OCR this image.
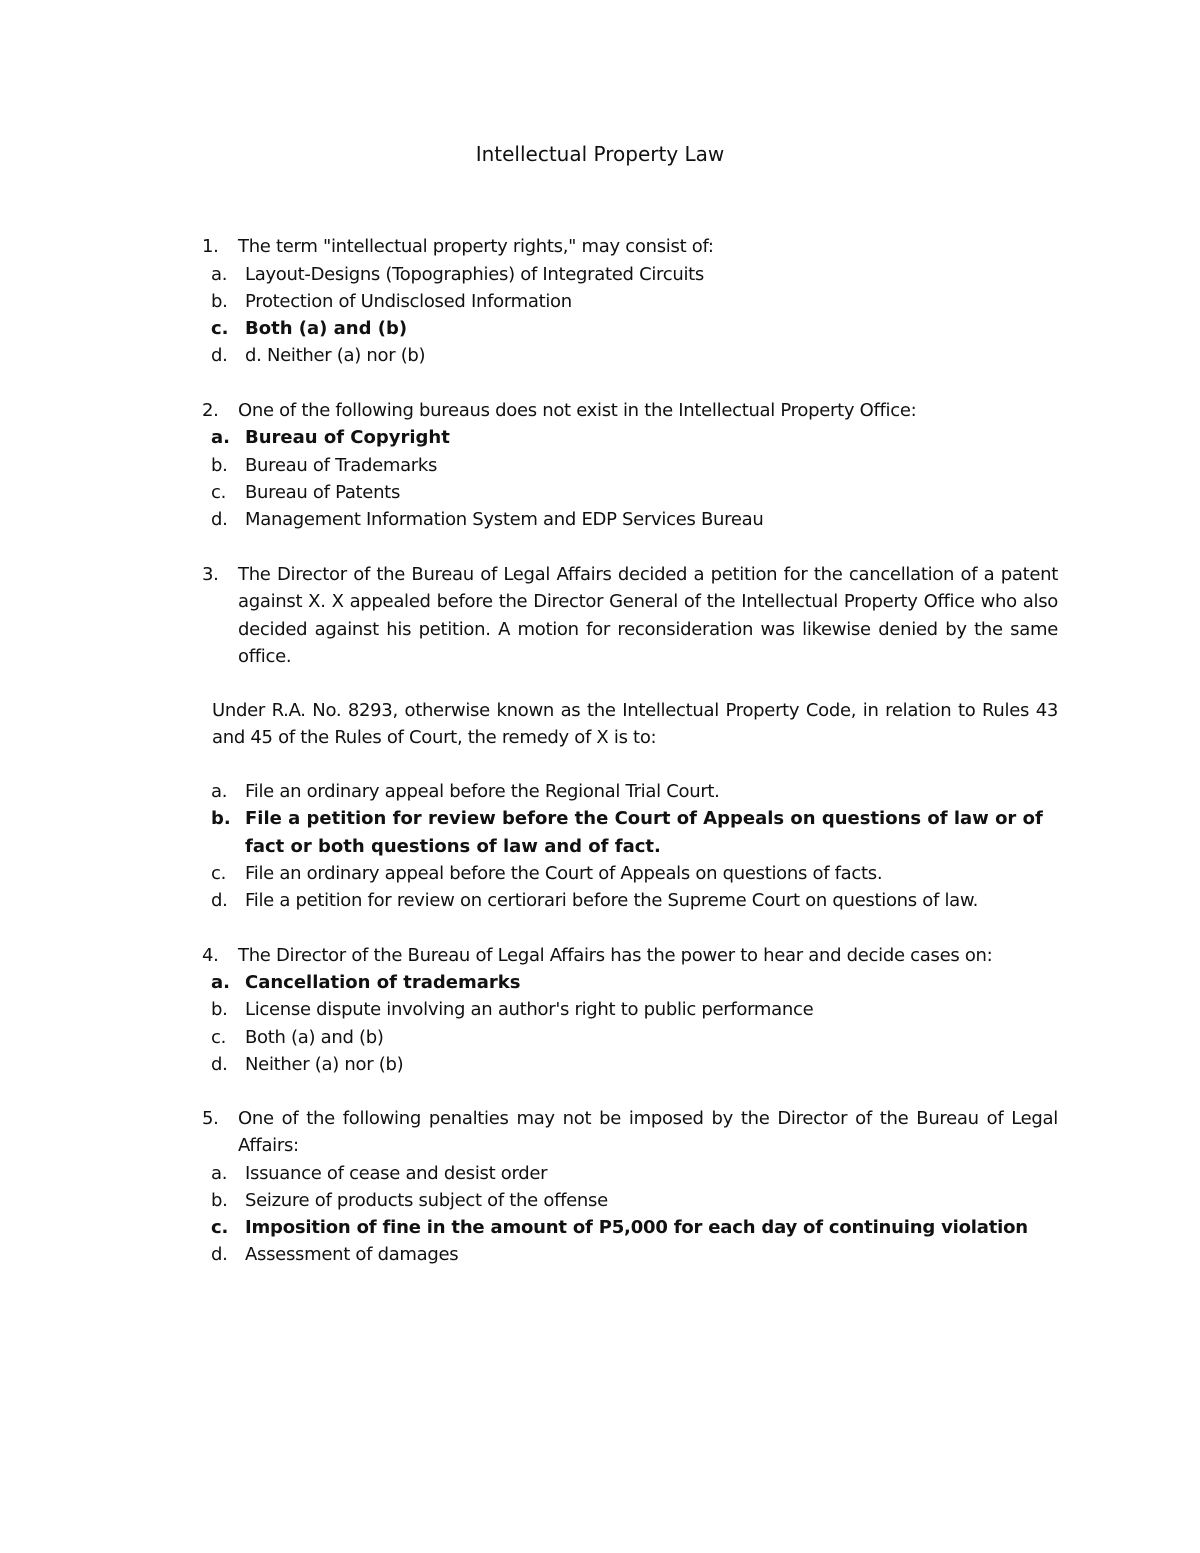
Intellectual Property Law
1.	The term "intellectual property rights," may consist of:
a. Layout-Designs (Topographies) of Integrated Circuits
b. Protection of Undisclosed Information
c. Both (a) and (b)
d. d. Neither (a) nor (b)
2.	One of the following bureaus does not exist in the Intellectual Property Office:
a. Bureau of Copyright
b. Bureau of Trademarks
c.	Bureau of Patents
d. Management Information System and EDP Services Bureau
3.	The Director of the Bureau of Legal Affairs decided a petition for the cancellation of a patent against X. X appealed before the Director General of the Intellectual Property Office who also decided against his petition. A motion for reconsideration was likewise denied by the same office.
Under R.A. No. 8293, otherwise known as the Intellectual Property Code, in relation to Rules 43 and 45 of the Rules of Court, the remedy of X is to:
a. File an ordinary appeal before the Regional Trial Court.
b. File a petition for review before the Court of Appeals on questions of law or of fact or both questions of law and of fact.
c.	File an ordinary appeal before the Court of Appeals on questions of facts.
d. File a petition for review on certiorari before the Supreme Court on questions of law.
4.	The Director of the Bureau of Legal Affairs has the power to hear and decide cases on:
a. Cancellation of trademarks
b. License dispute involving an author's right to public performance
c.	Both (a) and (b)
d. Neither (a) nor (b)
5.	One of the following penalties may not be imposed by the Director of the Bureau of Legal Affairs:
a. Issuance of cease and desist order
b. Seizure of products subject of the offense
c. Imposition of fine in the amount of P5,000 for each day of continuing violation
d. Assessment of damages
